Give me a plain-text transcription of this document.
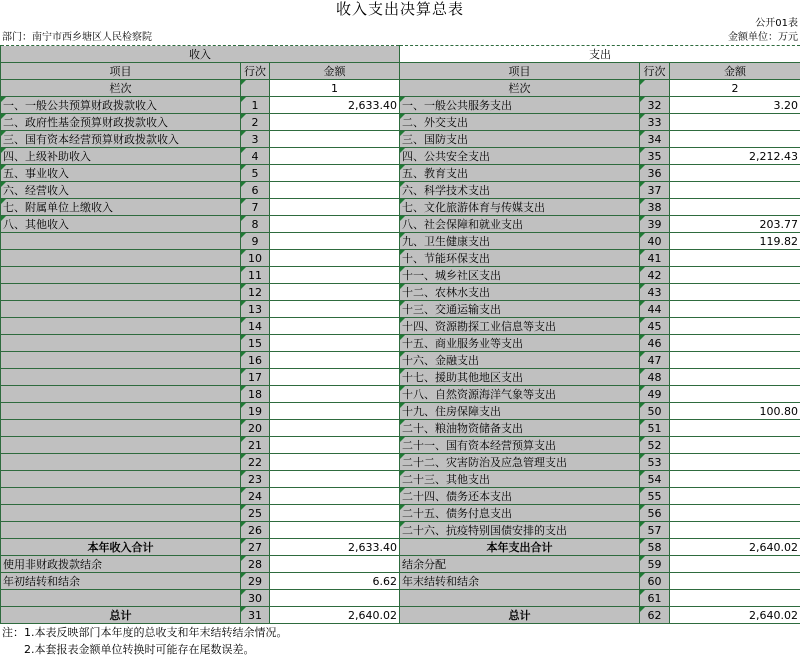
收入支出决算总表
公开01表
部门：南宁市西乡塘区人民检察院	金额单位：万元
收入			支出		
项目	行次	金额	项目	行次	金额
栏次		1	栏次		2
一、一般公共预算财政拨款收入	1	2,633.40	一、一般公共服务支出	32	3.20
二、政府性基金预算财政拨款收入	2		二、外交支出	33	
三、国有资本经营预算财政拨款收入	3		三、国防支出	34	
四、上级补助收入	4		四、公共安全支出	35	2,212.43
五、事业收入	5		五、教育支出	36	
六、经营收入	6		六、科学技术支出	37	
七、附属单位上缴收入	7		七、文化旅游体育与传媒支出	38	
八、其他收入	8		八、社会保障和就业支出	39	203.77
	9		九、卫生健康支出	40	119.82
	10		十、节能环保支出	41	
	11		十一、城乡社区支出	42	
	12		十二、农林水支出	43	
	13		十三、交通运输支出	44	
	14		十四、资源勘探工业信息等支出	45	
	15		十五、商业服务业等支出	46	
	16		十六、金融支出	47	
	17		十七、援助其他地区支出	48	
	18		十八、自然资源海洋气象等支出	49	
	19		十九、住房保障支出	50	100.80
	20		二十、粮油物资储备支出	51	
	21		二十一、国有资本经营预算支出	52	
	22		二十二、灾害防治及应急管理支出	53	
	23		二十三、其他支出	54	
	24		二十四、债务还本支出	55	
	25		二十五、债务付息支出	56	
	26		二十六、抗疫特别国债安排的支出	57	
本年收入合计	27	2,633.40	本年支出合计	58	2,640.02
使用非财政拨款结余	28		结余分配	59	
年初结转和结余	29	6.62	年末结转和结余	60	
	30			61	
总计	31	2,640.02	总计	62	2,640.02
注：1.本表反映部门本年度的总收支和年末结转结余情况。
2.本套报表金额单位转换时可能存在尾数误差。
